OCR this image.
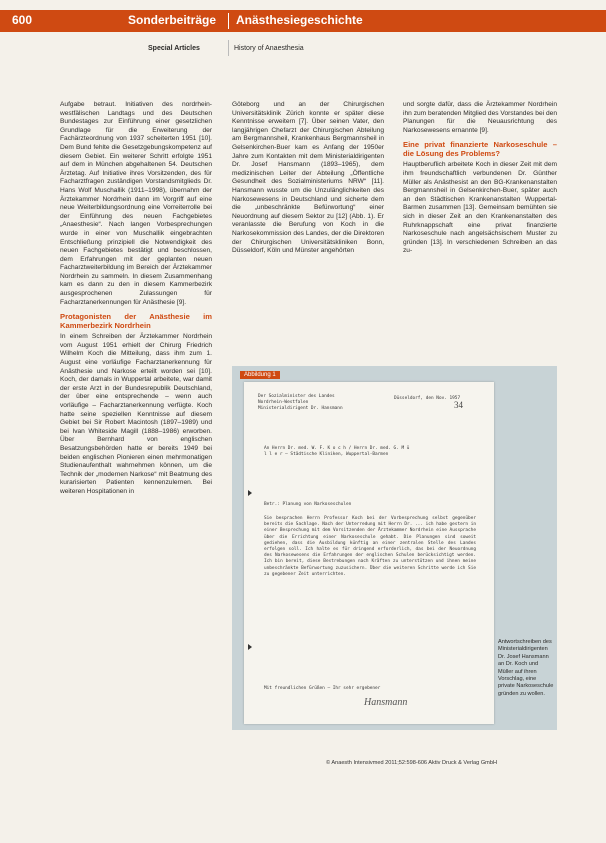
600	Sonderbeiträge Anästhesiegeschichte
Special Articles	History of Anaesthesia

Aufgabe betraut. Initiativen des nordrhein-westfälischen Landtags und des Deutschen Bundestages zur Einführung einer gesetzlichen Grundlage für die Erweiterung der Fachärzteordnung von 1937 scheiterten 1951 [10]. Dem Bund fehlte die Gesetzgebungskompetenz auf diesem Gebiet. Ein weiterer Schritt erfolgte 1951 auf dem in München abgehaltenen 54. Deutschen Ärztetag. Auf Initiative ihres Vorsitzenden, des für Facharztfragen zuständigen Vorstandsmitglieds Dr. Hans Wolf Muschallik (1911–1998), übernahm der Ärztekammer Nordrhein dann im Vorgriff auf eine neue Weiterbildungsordnung eine Vorreiterrolle bei der Einführung des neuen Fachgebietes „Anaesthesie“. Nach langen Vorbesprechungen wurde in einer von Muschallik eingebrachten Entschließung prinzipiell die Notwendigkeit des neuen Fachgebietes bestätigt und beschlossen, dem Erfahrungen mit der geplanten neuen Facharztweiterbildung im Bereich der Ärztekammer Nordrhein zu sammeln. In diesem Zusammenhang kam es dann zu den in diesem Kammerbezirk ausgesprochenen Zulassungen für Facharztanerkennungen für Anästhesie [9].

Protagonisten der Anästhesie im Kammerbezirk Nordrhein

In einem Schreiben der Ärztekammer Nordrhein vom August 1951 erhielt der Chirurg Friedrich Wilhelm Koch die Mitteilung, dass ihm zum 1. August eine vorläufige Facharztanerkennung für Anästhesie und Narkose erteilt worden sei [10]. Koch, der damals in Wuppertal arbeitete, war damit der erste Arzt in der Bundesrepublik Deutschland, der über eine entsprechende – wenn auch vorläufige – Facharztanerkennung verfügte. Koch hatte seine speziellen Kenntnisse auf diesem Gebiet bei Sir Robert Macintosh (1897–1989) und bei Ivan Whiteside Magill (1888–1986) erworben. Über Bernhard von englischen Besatzungsbehörden hatte er bereits 1949 bei beiden englischen Pionieren einen mehrmonatigen Studienaufenthalt wahrnehmen können, um die Technik der „modernen Narkose“ mit Beatmung des kurarisierten Patienten kennenzulernen. Bei weiteren Hospitationen in

Göteborg und an der Chirurgischen Universitätsklinik Zürich konnte er später diese Kenntnisse erweitern [7]. Über seinen Vater, den langjährigen Chefarzt der Chirurgischen Abteilung am Bergmannsheil, Krankenhaus Bergmannsheil in Gelsenkirchen-Buer kam es Anfang der 1950er Jahre zum Kontakten mit dem Ministerialdirigenten Dr. Josef Hansmann (1893–1965), dem medizinischen Leiter der Abteilung „Öffentliche Gesundheit des Sozialministeriums NRW“ [11]. Hansmann wusste um die Unzulänglichkeiten des Narkosewesens in Deutschland und sicherte dem die „unbeschränkte Befürwortung“ einer Neuordnung auf diesem Sektor zu [12] (Abb. 1). Er veranlasste die Berufung von Koch in die Narkosekommission des Landes, der die Direktoren der Chirurgischen Universitätskliniken Bonn, Düsseldorf, Köln und Münster angehörten

und sorgte dafür, dass die Ärztekammer Nordrhein ihn zum beratenden Mitglied des Vorstandes bei den Planungen für die Neuausrichtung des Narkosewesens ernannte [9].

Eine privat finanzierte Narkoseschule – die Lösung des Problems?

Hauptberuflich arbeitete Koch in dieser Zeit mit dem ihm freundschaftlich verbundenen Dr. Günther Müller als Anästhesist an den BG-Krankenanstalten Bergmannsheil in Gelsenkirchen-Buer, später auch an den Städtischen Krankenanstalten Wuppertal-Barmen zusammen [13]. Gemeinsam bemühten sie sich in dieser Zeit an den Krankenanstalten des Ruhrknappschaft eine privat finanzierte Narkoseschule nach angelsächsischem Muster zu gründen [13]. In verschiedenen Schreiben an das zu-

Abbildung 1
Der Sozialminister des Landes Nordrhein-Westfalen Ministerialdirigent Dr. Hansmann
Düsseldorf, den Nov. 1957
34
An Herrn Dr. med. W. F. K o c h / Herrn Dr. med. G. M ü l l e r — Städtische Kliniken, Wuppertal-Barmen
Betr.: Planung von Narkoseschulen
Sie besprachen Herrn Professor Koch bei der Vorbesprechung selbst gegenüber bereits die Sachlage. Nach der Unterredung mit Herrn Dr. ... ich habe gestern in einer Besprechung mit dem Vorsitzenden der Ärztekammer Nordrhein eine Aussprache über die Errichtung einer Narkoseschule gehabt. Die Planungen sind soweit gediehen, dass die Ausbildung künftig an einer zentralen Stelle des Landes erfolgen soll. Ich halte es für dringend erforderlich, das bei der Neuordnung des Narkosewesens die Erfahrungen der englischen Schulen berücksichtigt werden. Ich bin bereit, diese Bestrebungen nach Kräften zu unterstützen und ihnen meine unbeschränkte Befürwortung zuzusichern. Über die weiteren Schritte werde ich Sie zu gegebener Zeit unterrichten.
Mit freundlichen Grüßen — Ihr sehr ergebener
Hansmann
Antwortschreiben des Ministerialdirigenten Dr. Josef Hansmann an Dr. Koch und Müller auf ihren Vorschlag, eine private Narkoseschule gründen zu wollen.
© Anaesth Intensivmed 2011;52:598-606 Aktiv Druck & Verlag GmbH
